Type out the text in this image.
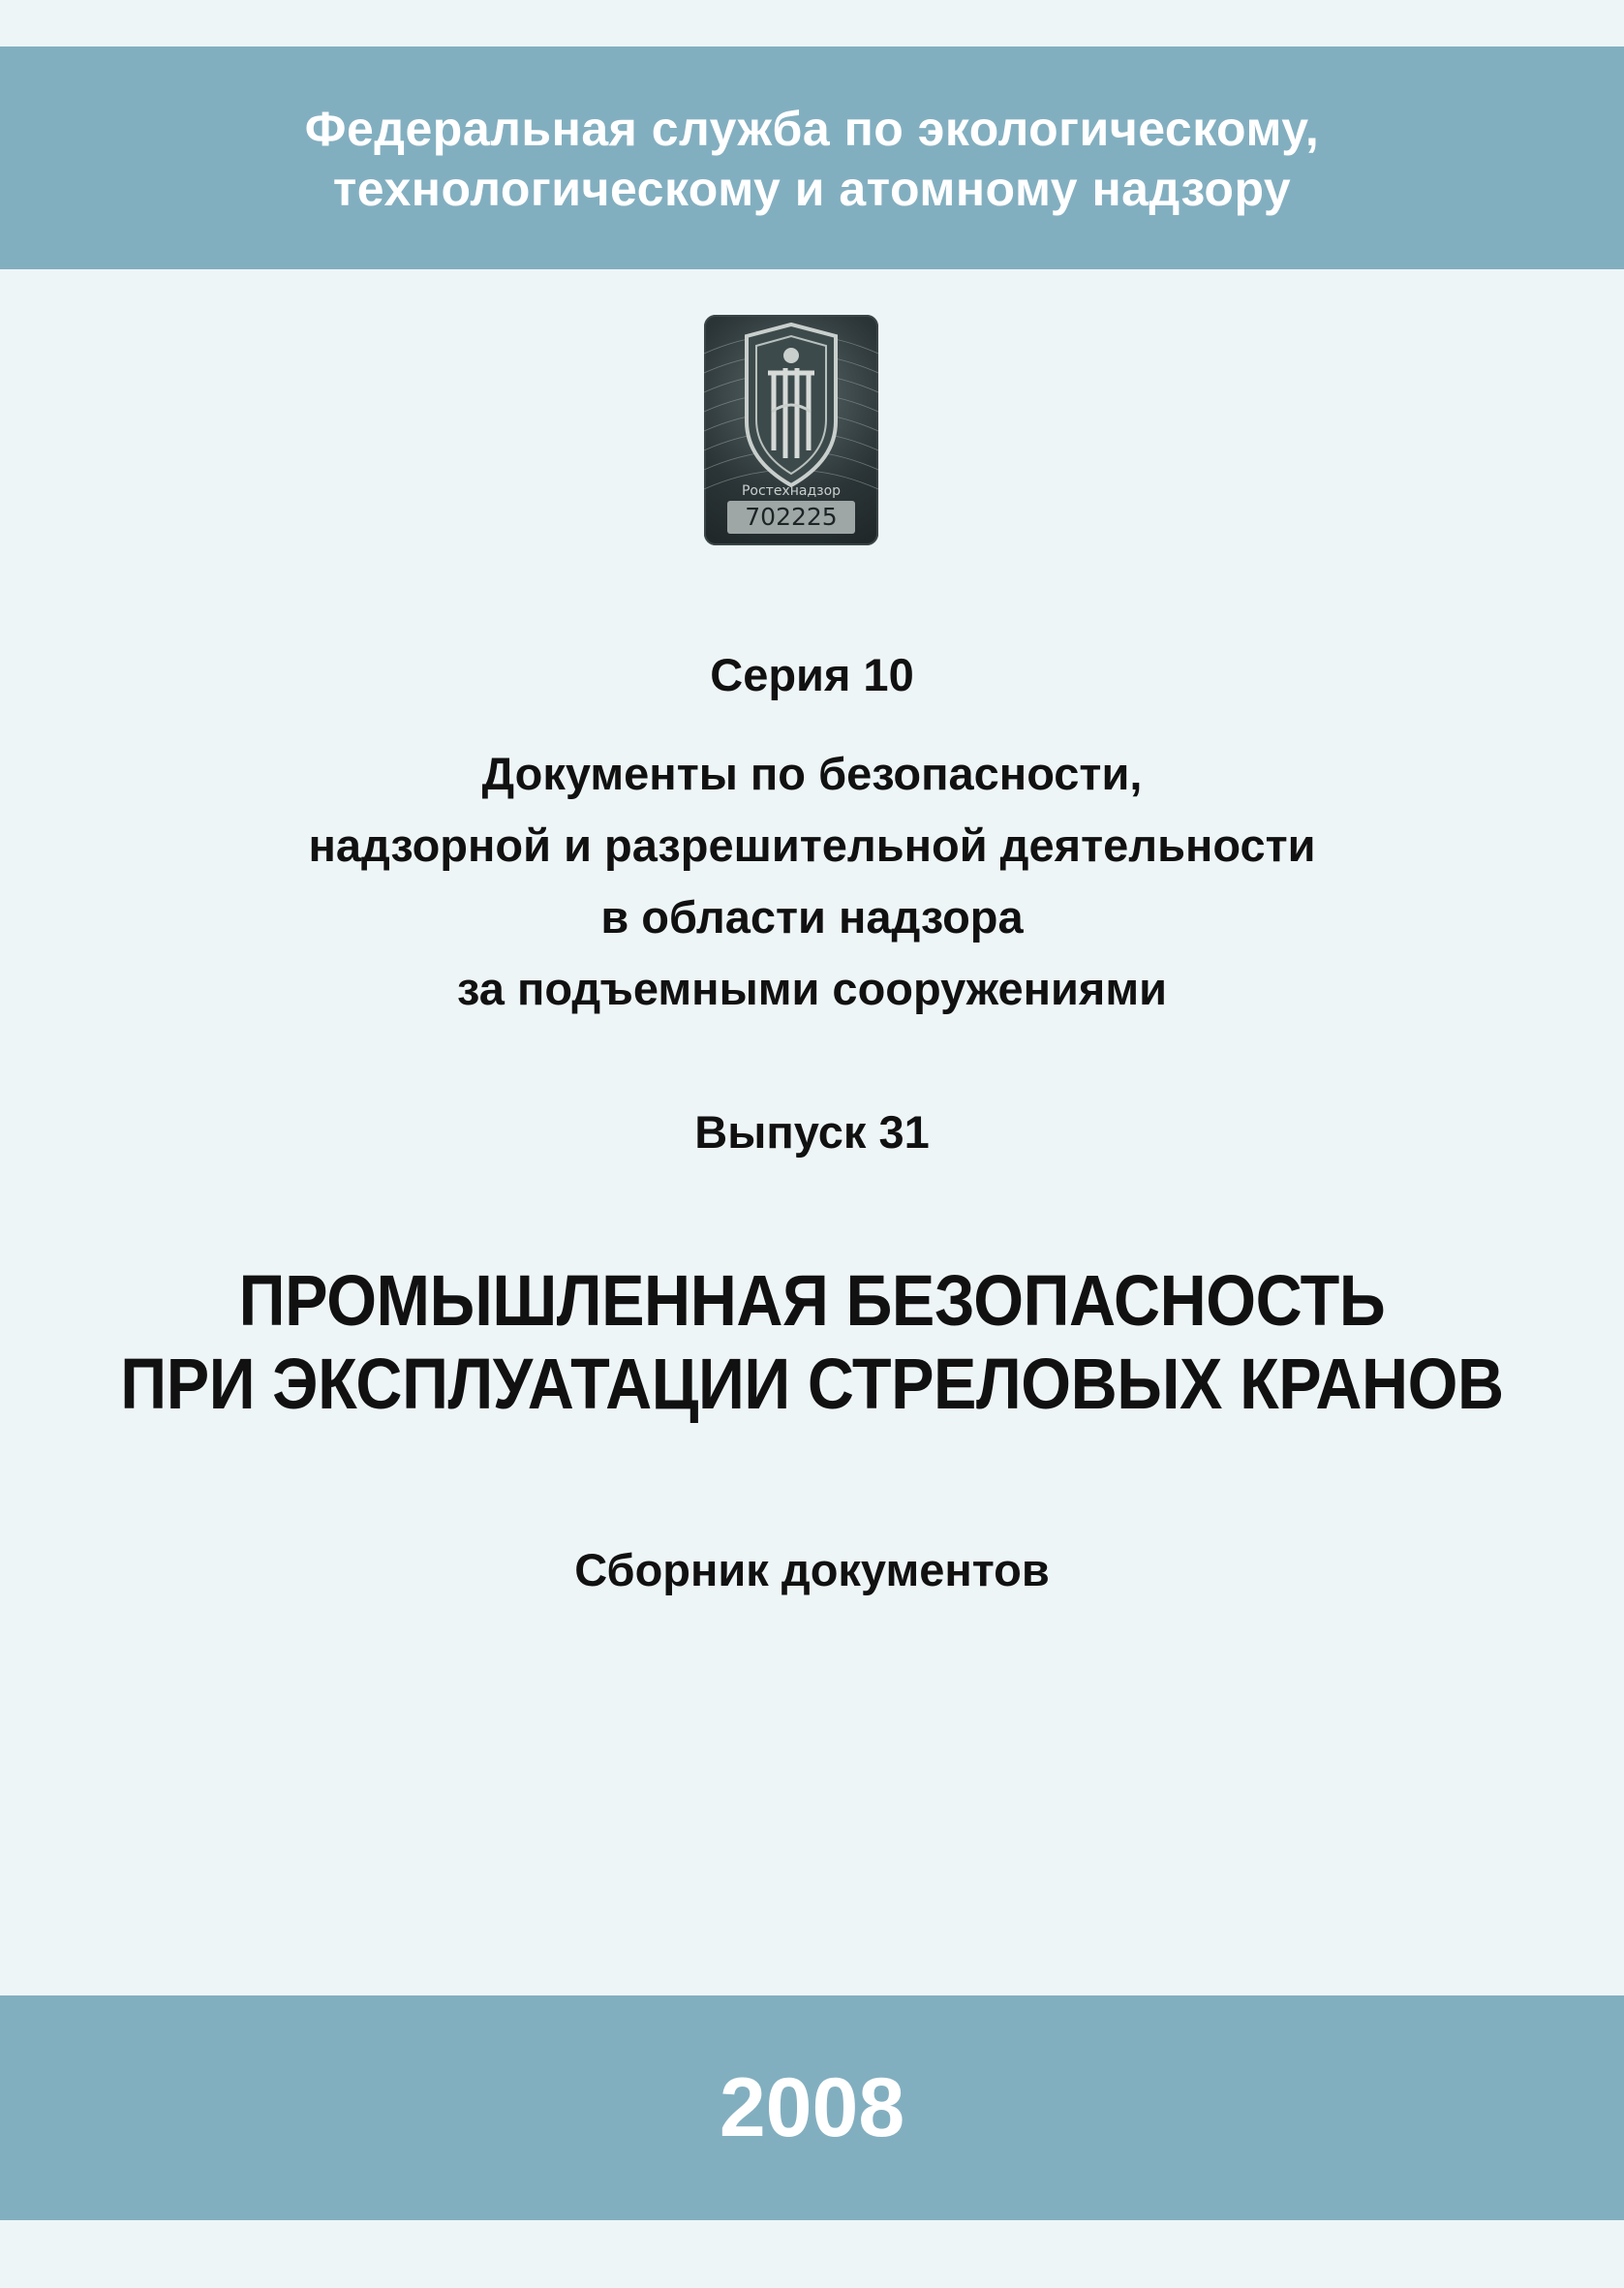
Федеральная служба по экологическому,
технологическому и атомному надзору
Ростехнадзор
702225
Серия 10
Документы по безопасности,
надзорной и разрешительной деятельности
в области надзора
за подъемными сооружениями
Выпуск 31
ПРОМЫШЛЕННАЯ БЕЗОПАСНОСТЬ
ПРИ ЭКСПЛУАТАЦИИ СТРЕЛОВЫХ КРАНОВ
Сборник документов
2008
